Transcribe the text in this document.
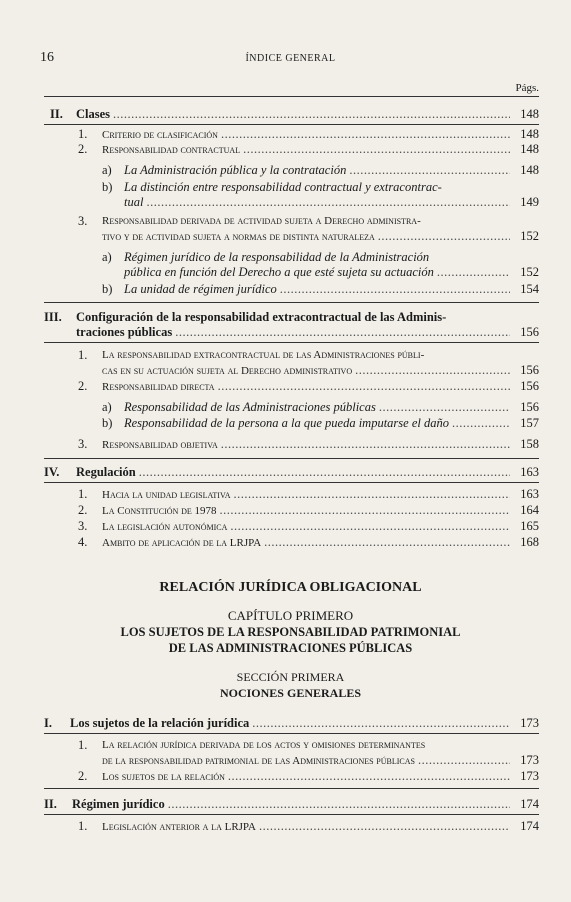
16	ÍNDICE GENERAL
Págs.
II.	Clases .....	148
1.	Criterio de clasificación .....	148
2.	Responsabilidad contractual .....	148
a) La Administración pública y la contratación .....	148
b) La distinción entre responsabilidad contractual y extracontrac-
tual .....	149
3.	Responsabilidad derivada de actividad sujeta a Derecho administra-
tivo y de actividad sujeta a normas de distinta naturaleza .....	152
a) Régimen jurídico de la responsabilidad de la Administración
pública en función del Derecho a que esté sujeta su actuación .....	152
b) La unidad de régimen jurídico .....	154
III.	Configuración de la responsabilidad extracontractual de las Adminis-
traciones públicas .....	156
1.	La responsabilidad extracontractual de las Administraciones públi-
cas en su actuación sujeta al Derecho administrativo .....	156
2.	Responsabilidad directa .....	156
a) Responsabilidad de las Administraciones públicas .....	156
b) Responsabilidad de la persona a la que pueda imputarse el daño .....	157
3.	Responsabilidad objetiva .....	158
IV.	Regulación .....	163
1.	Hacia la unidad legislativa .....	163
2.	La Constitución de 1978 .....	164
3.	La legislación autonómica .....	165
4.	Ambito de aplicación de la LRJPA .....	168
RELACIÓN JURÍDICA OBLIGACIONAL
CAPÍTULO PRIMERO
LOS SUJETOS DE LA RESPONSABILIDAD PATRIMONIAL
DE LAS ADMINISTRACIONES PÚBLICAS
SECCIÓN PRIMERA
NOCIONES GENERALES
I.	Los sujetos de la relación jurídica .....	173
1.	La relación jurídica derivada de los actos y omisiones determinantes
de la responsabilidad patrimonial de las Administraciones públicas .....	173
2.	Los sujetos de la relación .....	173
II.	Régimen jurídico .....	174
1.	Legislación anterior a la LRJPA .....	174
